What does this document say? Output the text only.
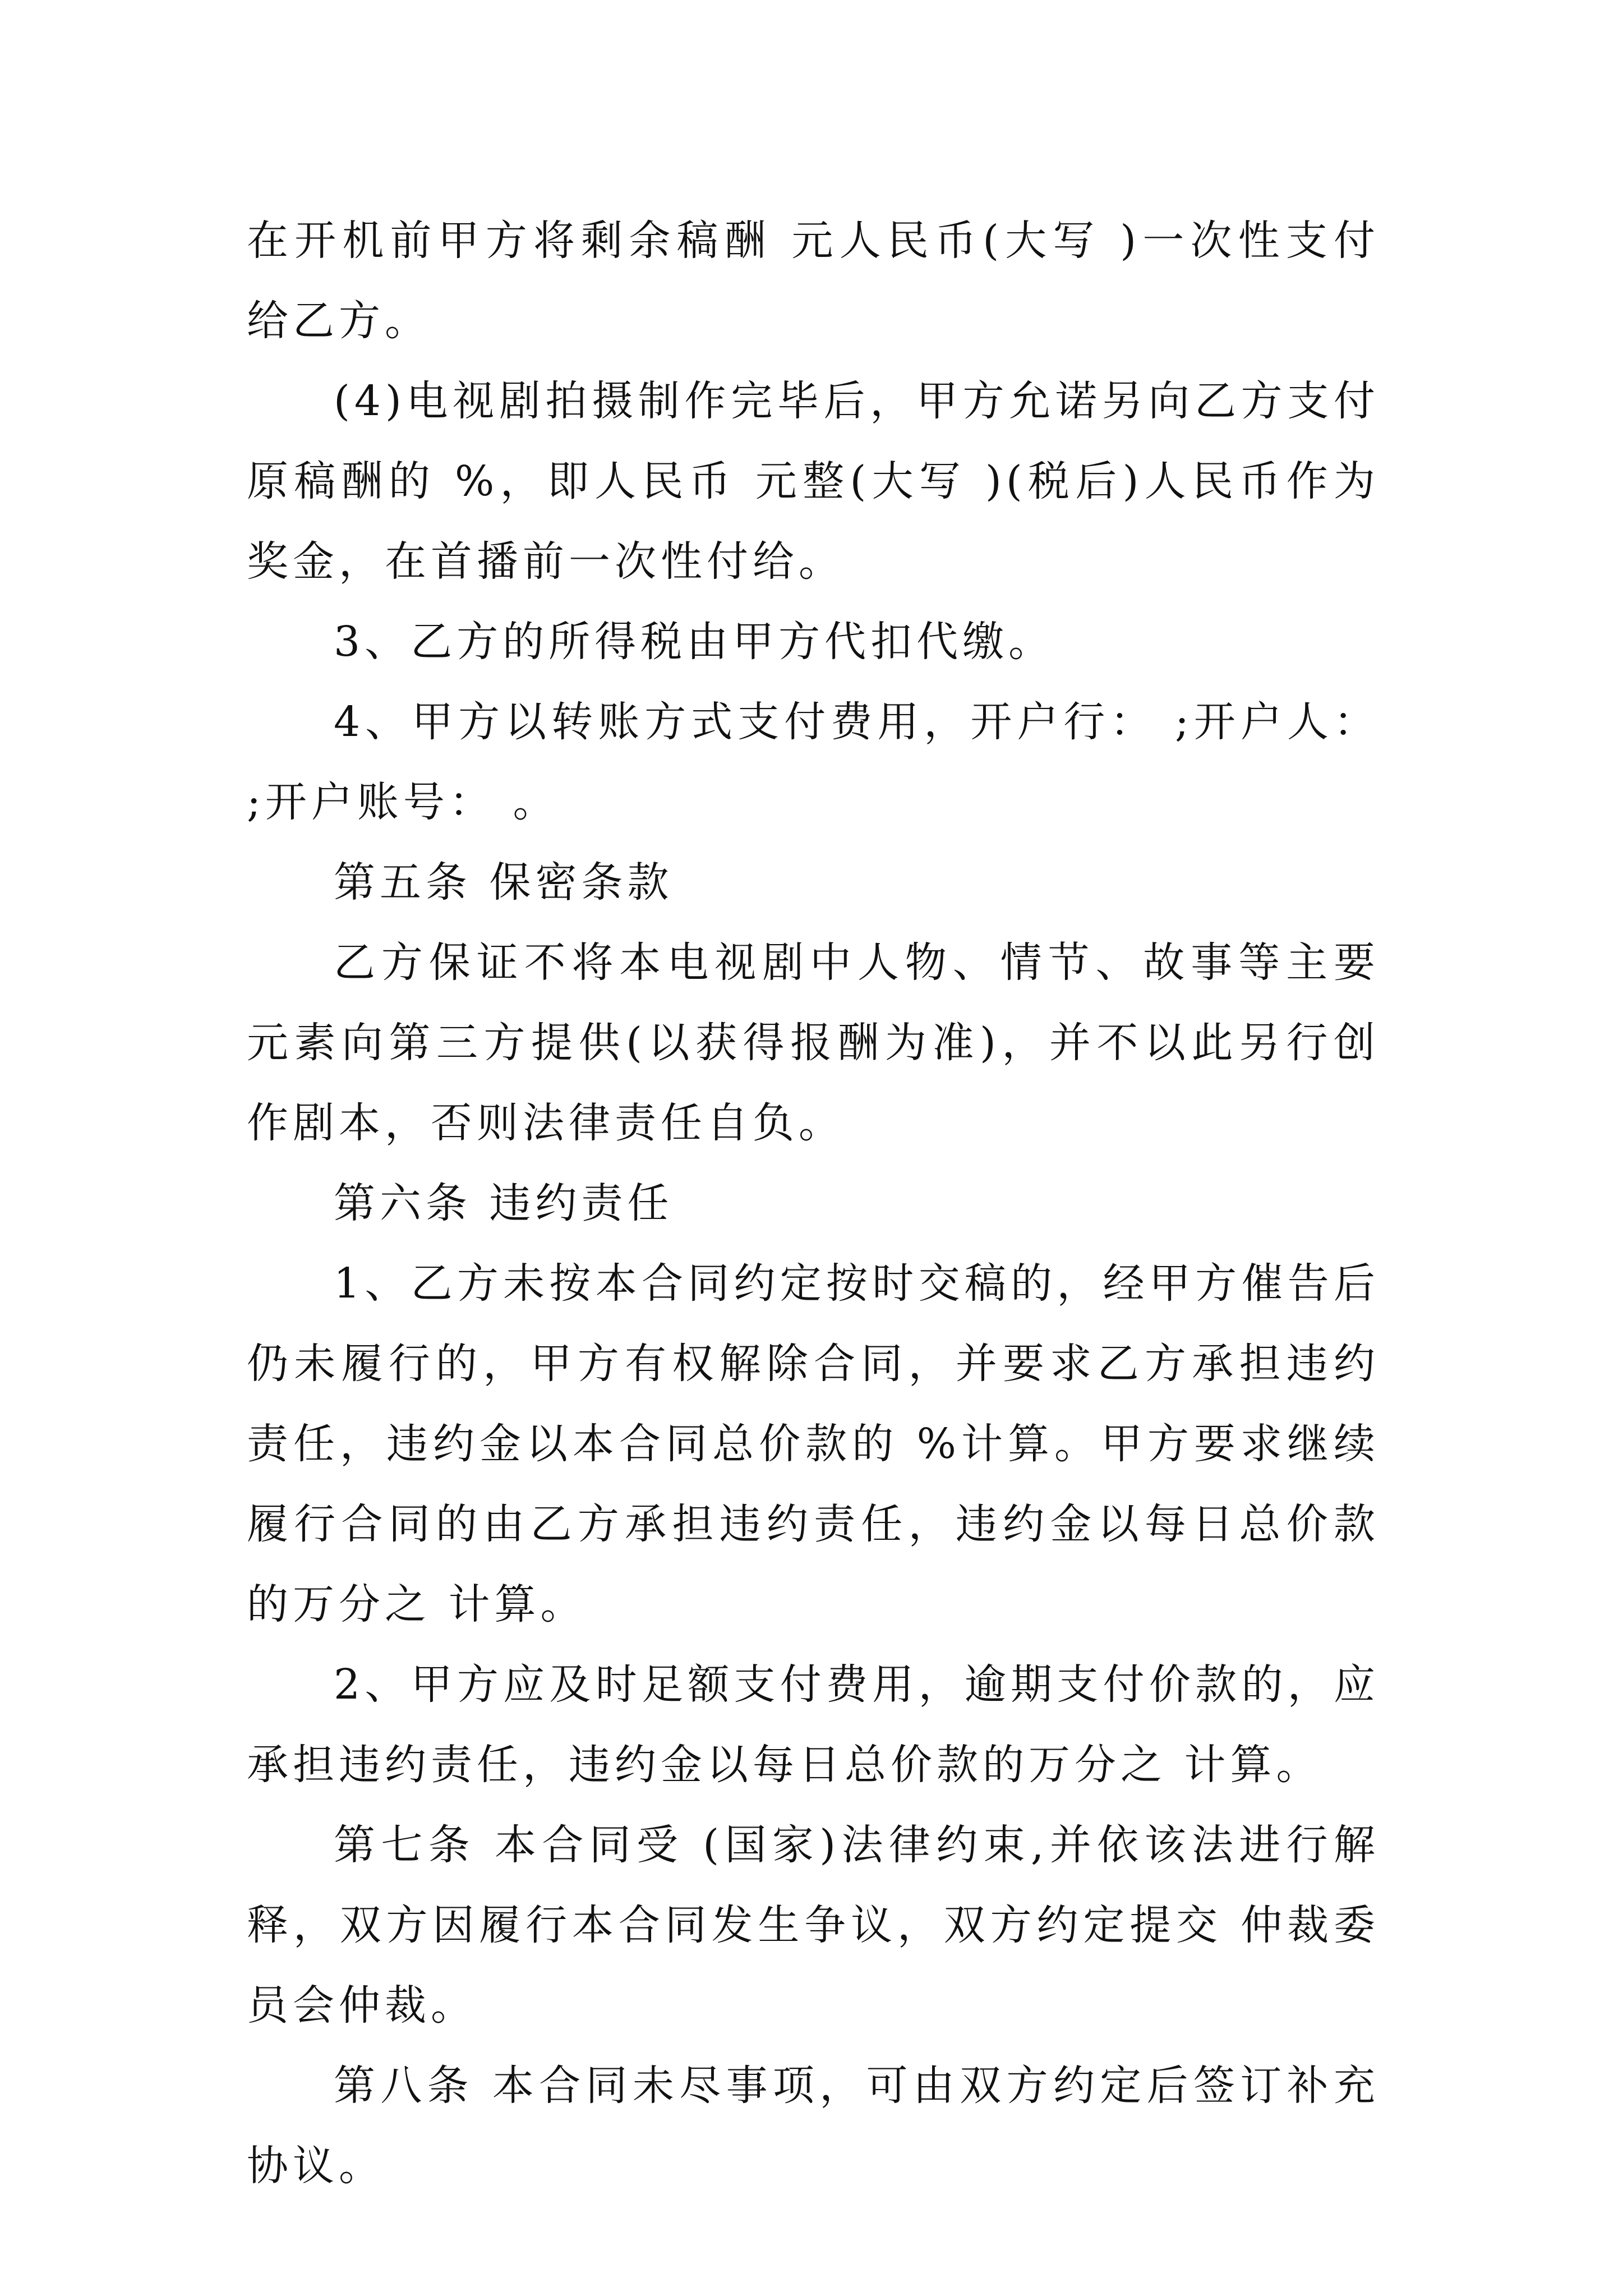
在开机前甲方将剩余稿酬 元人民币(大写 )一次性支付给乙方。

(4)电视剧拍摄制作完毕后，甲方允诺另向乙方支付原稿酬的 %，即人民币 元整(大写 )(税后)人民币作为奖金，在首播前一次性付给。

3、乙方的所得税由甲方代扣代缴。

4、甲方以转账方式支付费用，开户行： ;开户人： ;开户账号： 。

第五条 保密条款

乙方保证不将本电视剧中人物、情节、故事等主要元素向第三方提供(以获得报酬为准)，并不以此另行创作剧本，否则法律责任自负。

第六条 违约责任

1、乙方未按本合同约定按时交稿的，经甲方催告后仍未履行的，甲方有权解除合同，并要求乙方承担违约责任，违约金以本合同总价款的 %计算。甲方要求继续履行合同的由乙方承担违约责任，违约金以每日总价款的万分之 计算。

2、甲方应及时足额支付费用，逾期支付价款的，应承担违约责任，违约金以每日总价款的万分之 计算。

第七条 本合同受 (国家)法律约束,并依该法进行解释，双方因履行本合同发生争议，双方约定提交 仲裁委员会仲裁。

第八条 本合同未尽事项，可由双方约定后签订补充协议。
